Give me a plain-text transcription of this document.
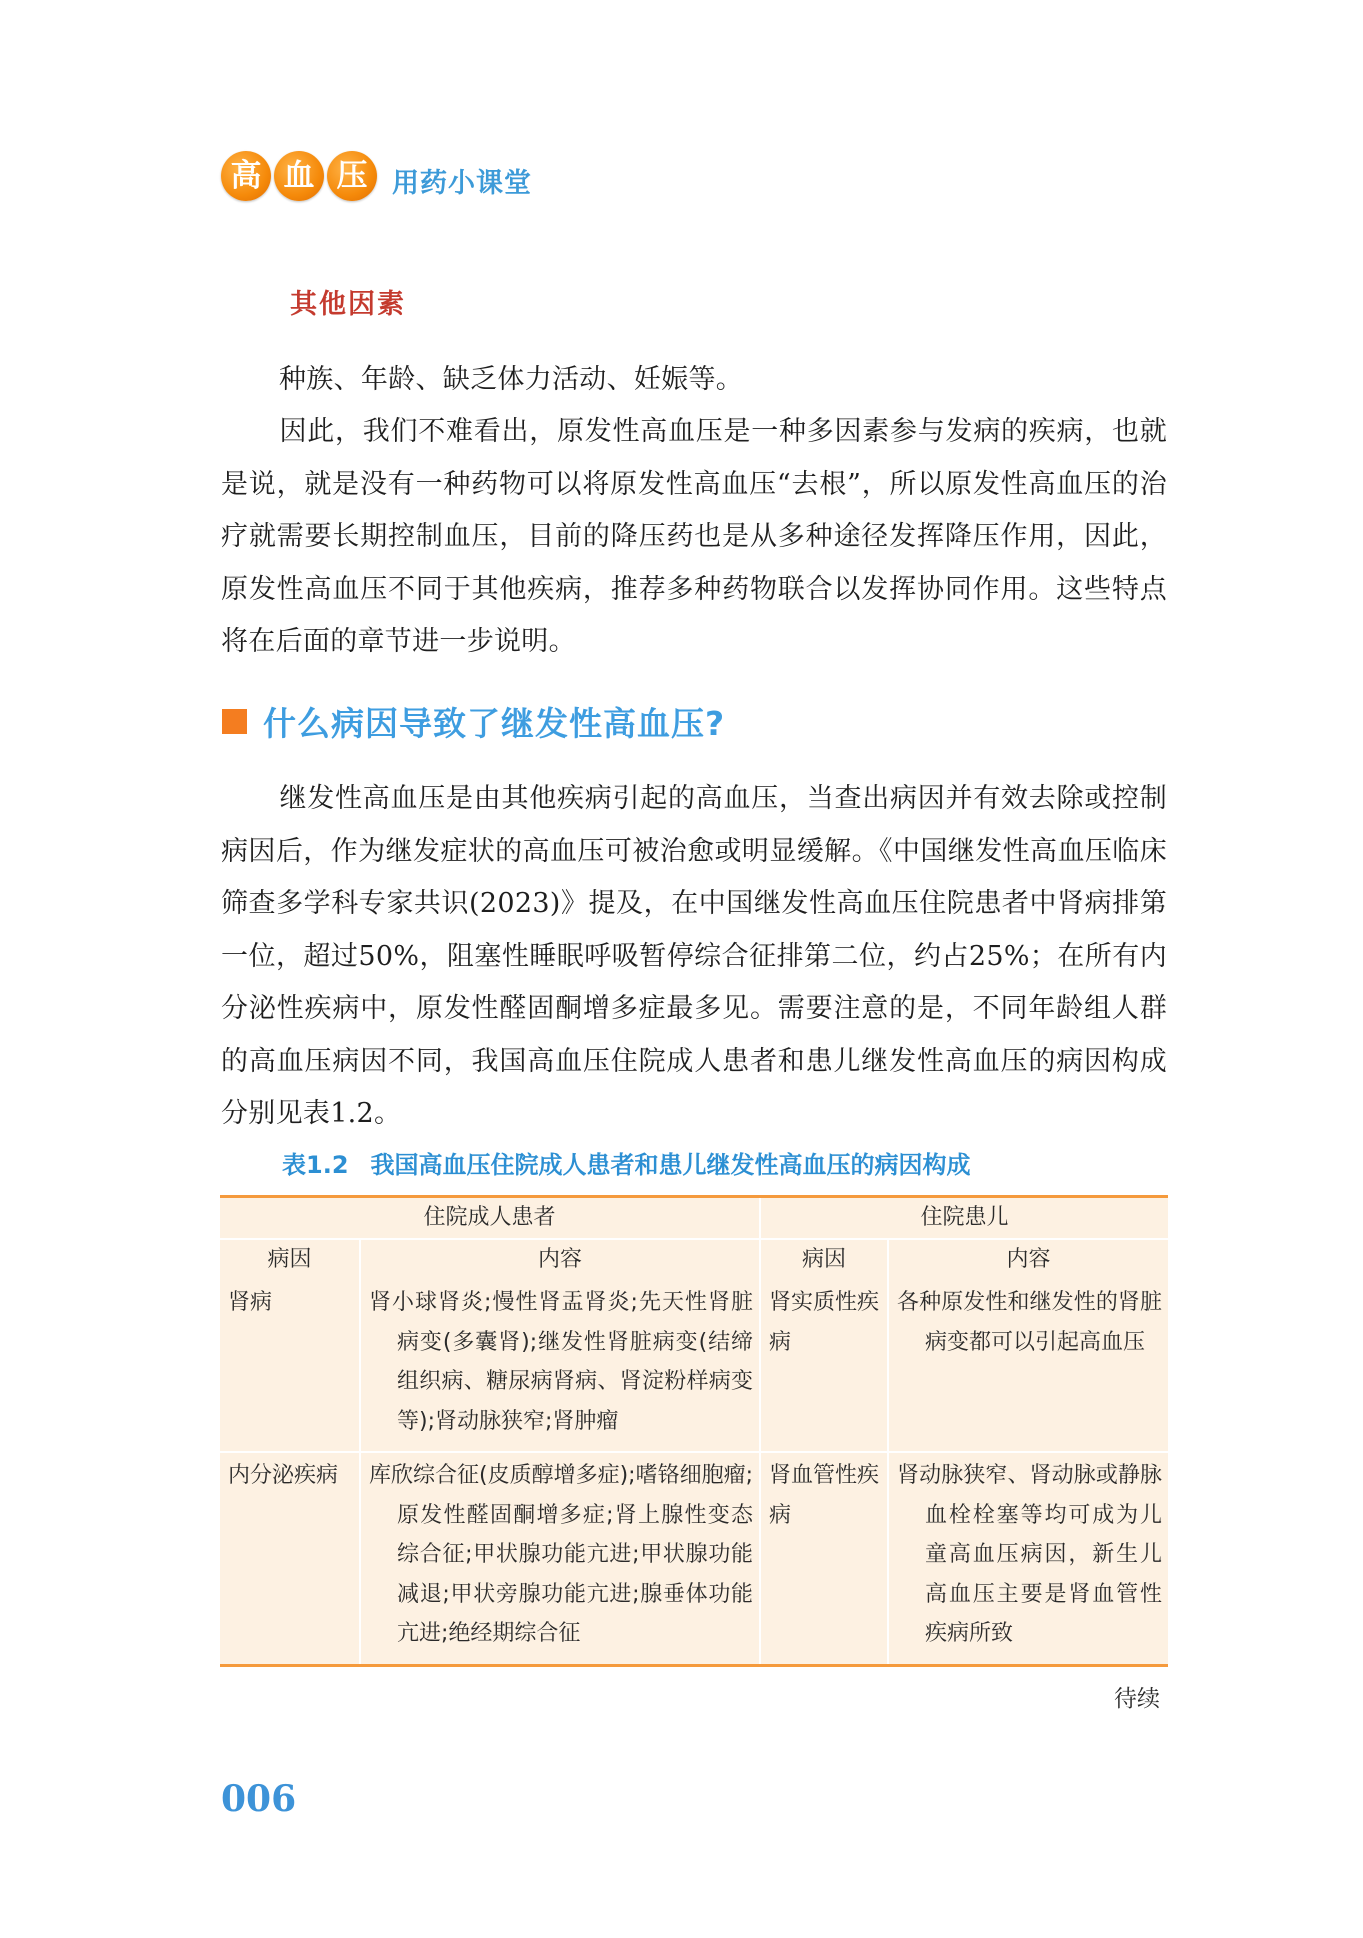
高 血 压 用药小课堂
其他因素

种族、年龄、缺乏体力活动、妊娠等。

因此，我们不难看出，原发性高血压是一种多因素参与发病的疾病，也就是说，就是没有一种药物可以将原发性高血压“去根”，所以原发性高血压的治疗就需要长期控制血压，目前的降压药也是从多种途径发挥降压作用，因此，原发性高血压不同于其他疾病，推荐多种药物联合以发挥协同作用。这些特点将在后面的章节进一步说明。

什么病因导致了继发性高血压?

继发性高血压是由其他疾病引起的高血压，当查出病因并有效去除或控制病因后，作为继发症状的高血压可被治愈或明显缓解。《中国继发性高血压临床筛查多学科专家共识(2023)》提及，在中国继发性高血压住院患者中肾病排第一位，超过50%，阻塞性睡眠呼吸暂停综合征排第二位，约占25%；在所有内分泌性疾病中，原发性醛固酮增多症最多见。需要注意的是，不同年龄组人群的高血压病因不同，我国高血压住院成人患者和患儿继发性高血压的病因构成分别见表1.2。

表1.2 我国高血压住院成人患者和患儿继发性高血压的病因构成
住院成人患者		住院患儿	
病因	内容	病因	内容
肾病	肾小球肾炎;慢性肾盂肾炎;先天性肾脏病变(多囊肾);继发性肾脏病变(结缔组织病、糖尿病肾病、肾淀粉样病变等);肾动脉狭窄;肾肿瘤	肾实质性疾病	各种原发性和继发性的肾脏病变都可以引起高血压

内分泌疾病	库欣综合征(皮质醇增多症);嗜铬细胞瘤;原发性醛固酮增多症;肾上腺性变态综合征;甲状腺功能亢进;甲状腺功能减退;甲状旁腺功能亢进;腺垂体功能亢进;绝经期综合征	肾血管性疾病	肾动脉狭窄、肾动脉或静脉血栓栓塞等均可成为儿童高血压病因，新生儿高血压主要是肾血管性疾病所致
待续
006
